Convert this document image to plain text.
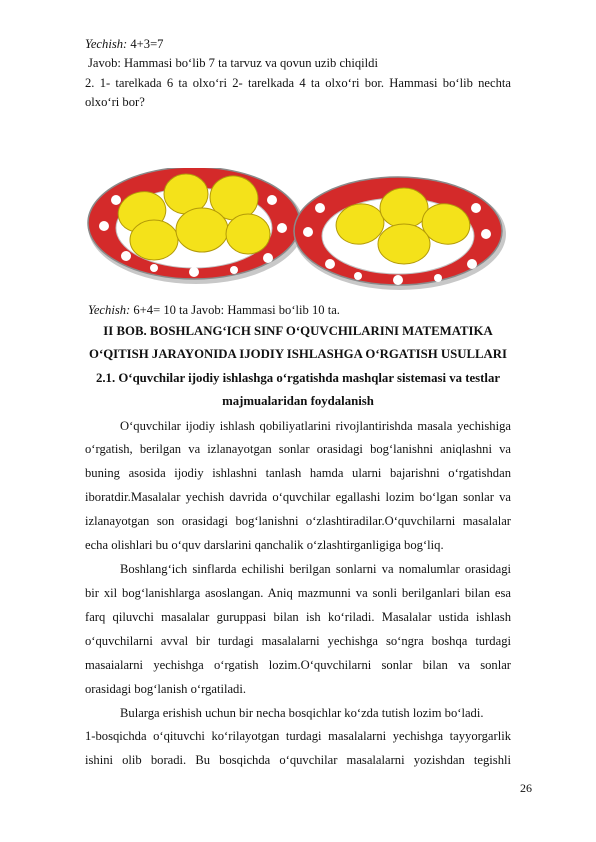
Yechish: 4+3=7
Javob: Hammasi bo‘lib 7 ta tarvuz va qovun uzib chiqildi
2. 1- tarelkada 6 ta olxo‘ri 2- tarelkada 4 ta olxo‘ri bor. Hammasi bo‘lib nechta
olxo‘ri bor?
Yechish: 6+4= 10 ta Javob: Hammasi bo‘lib 10 ta.
II BOB. BOSHLANG‘ICH SINF O‘QUVCHILARINI MATEMATIKA
O‘QITISH JARAYONIDA IJODIY ISHLASHGA O‘RGATISH USULLARI
2.1. O‘quvchilar ijodiy ishlashga o‘rgatishda mashqlar sistemasi va testlar
majmualaridan foydalanish
O‘quvchilar ijodiy ishlash qobiliyatlarini rivojlantirishda masala yechishiga
o‘rgatish, berilgan va izlanayotgan sonlar orasidagi bog‘lanishni aniqlashni va
buning asosida ijodiy ishlashni tanlash hamda ularni bajarishni o‘rgatishdan
iboratdir.Masalalar yechish davrida o‘quvchilar egallashi lozim bo‘lgan sonlar va
izlanayotgan son orasidagi bog‘lanishni o‘zlashtiradilar.O‘quvchilarni masalalar
echa olishlari bu o‘quv darslarini qanchalik o‘zlashtirganligiga bog‘liq.
Boshlang‘ich sinflarda echilishi berilgan sonlarni va nomalumlar orasidagi
bir xil bog‘lanishlarga asoslangan. Aniq mazmunni va sonli berilganlari bilan esa
farq qiluvchi masalalar guruppasi bilan ish ko‘riladi. Masalalar ustida ishlash
o‘quvchilarni avval bir turdagi masalalarni yechishga so‘ngra boshqa turdagi
masaialarni yechishga o‘rgatish lozim.O‘quvchilarni sonlar bilan va sonlar
orasidagi bog‘lanish o‘rgatiladi.
Bularga erishish uchun bir necha bosqichlar ko‘zda tutish lozim bo‘ladi.
1-bosqichda o‘qituvchi ko‘rilayotgan turdagi masalalarni yechishga tayyorgarlik
ishini olib boradi. Bu bosqichda o‘quvchilar masalalarni yozishdan tegishli
26
